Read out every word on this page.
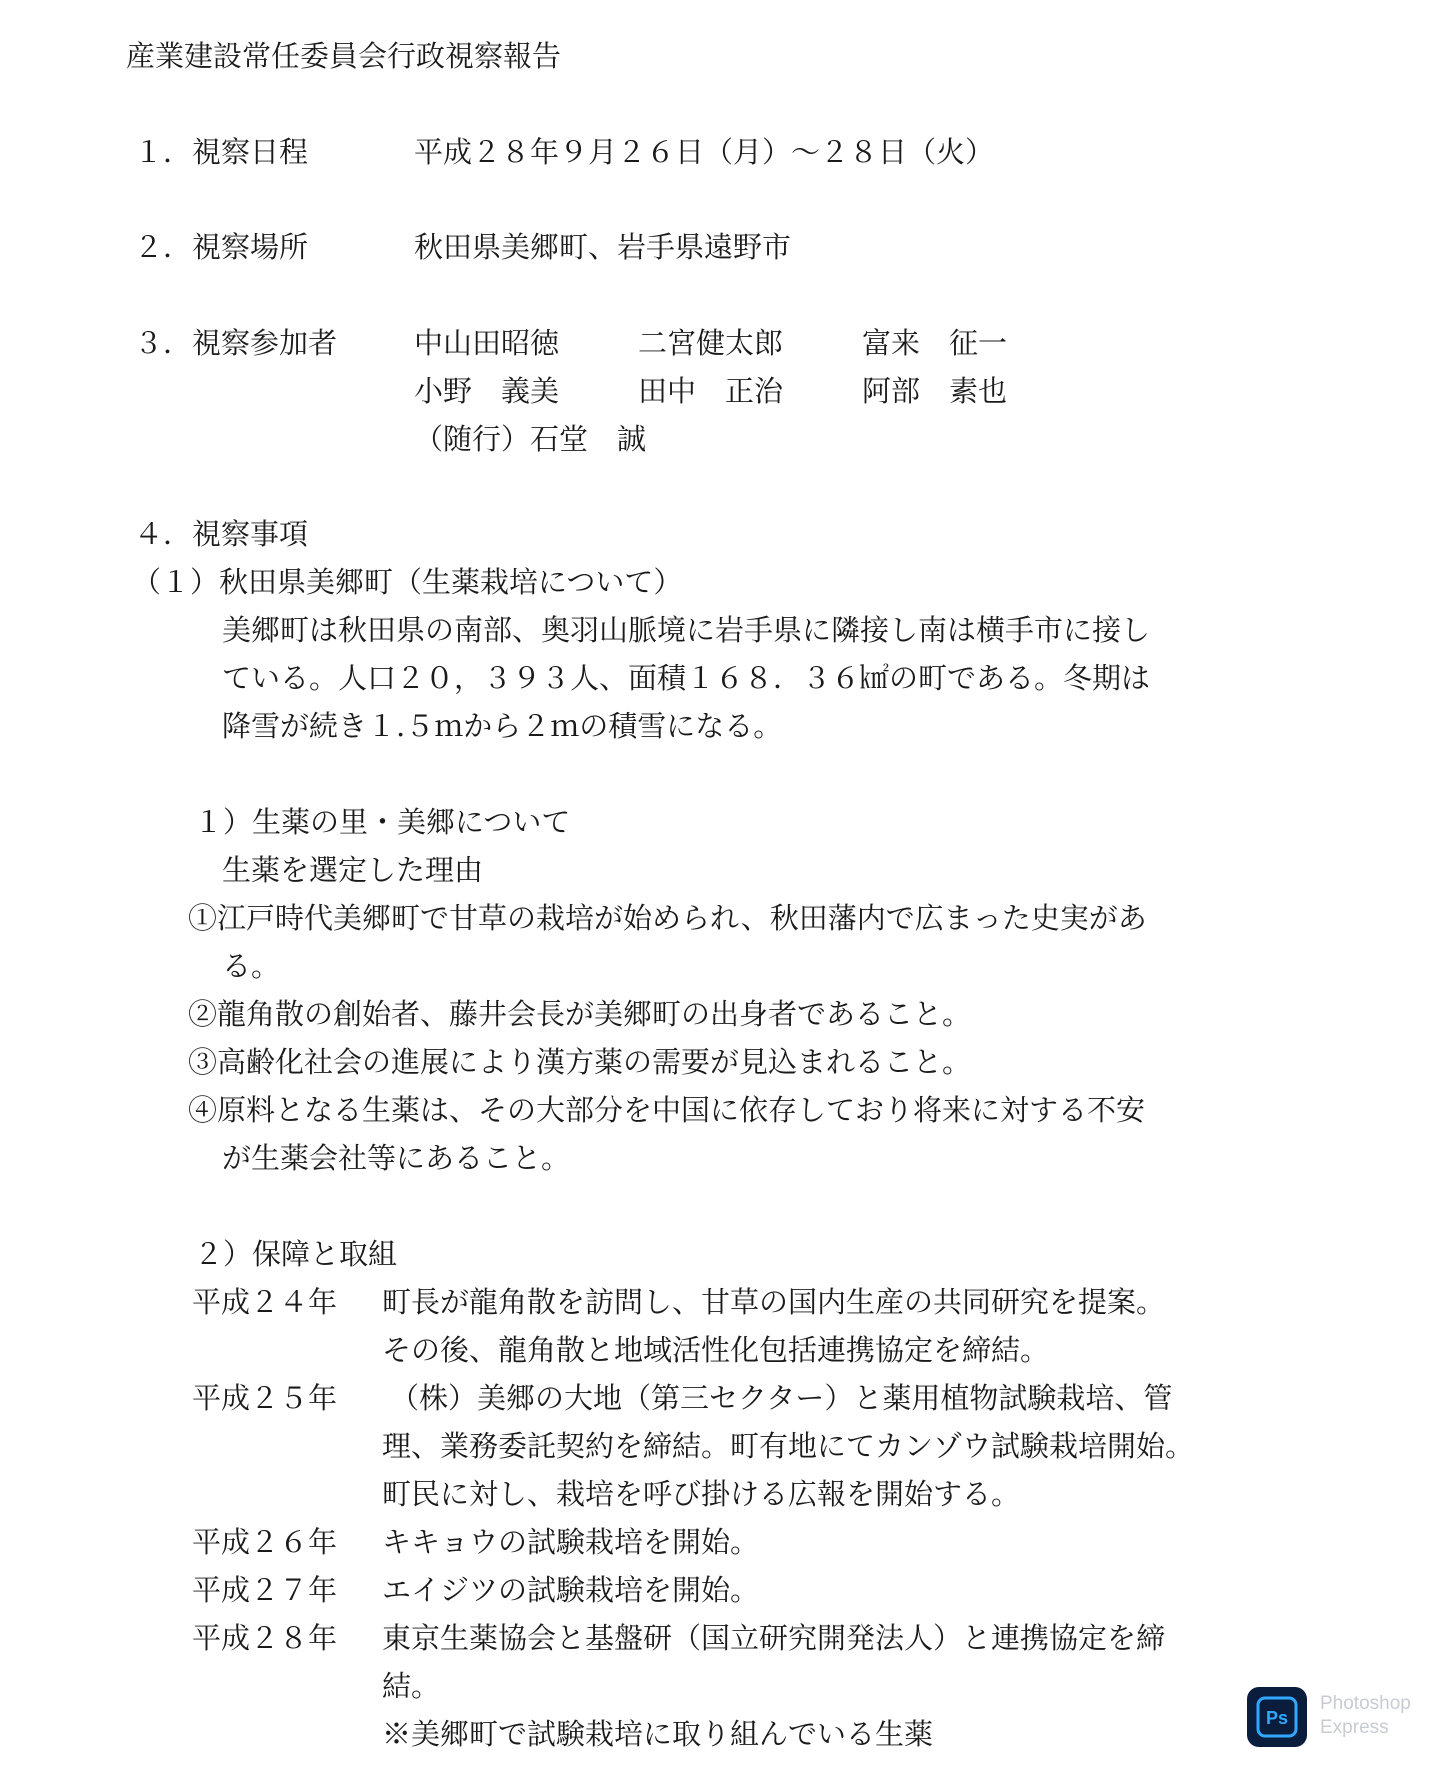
産業建設常任委員会行政視察報告
１．視察日程	平成２８年９月２６日（月）～２８日（火）
２．視察場所	秋田県美郷町、岩手県遠野市
３．視察参加者	中山田昭徳	二宮健太郎	富来　征一
小野　義美	田中　正治	阿部　素也
（随行）石堂　誠
４．視察事項
（１）秋田県美郷町（生薬栽培について）
美郷町は秋田県の南部、奥羽山脈境に岩手県に隣接し南は横手市に接し
ている。人口２０，３９３人、面積１６８．３６㎢の町である。冬期は
降雪が続き１.５ｍから２ｍの積雪になる。
１）生薬の里・美郷について
生薬を選定した理由
①江戸時代美郷町で甘草の栽培が始められ、秋田藩内で広まった史実があ
る。
②龍角散の創始者、藤井会長が美郷町の出身者であること。
③高齢化社会の進展により漢方薬の需要が見込まれること。
④原料となる生薬は、その大部分を中国に依存しており将来に対する不安
が生薬会社等にあること。
２）保障と取組
平成２４年 町長が龍角散を訪問し、甘草の国内生産の共同研究を提案。
その後、龍角散と地域活性化包括連携協定を締結。
平成２５年 （株）美郷の大地（第三セクター）と薬用植物試験栽培、管
理、業務委託契約を締結。町有地にてカンゾウ試験栽培開始。
町民に対し、栽培を呼び掛ける広報を開始する。
平成２６年 キキョウの試験栽培を開始。
平成２７年 エイジツの試験栽培を開始。
平成２８年 東京生薬協会と基盤研（国立研究開発法人）と連携協定を締
結。
※美郷町で試験栽培に取り組んでいる生薬	Ps
Photoshop
Express
